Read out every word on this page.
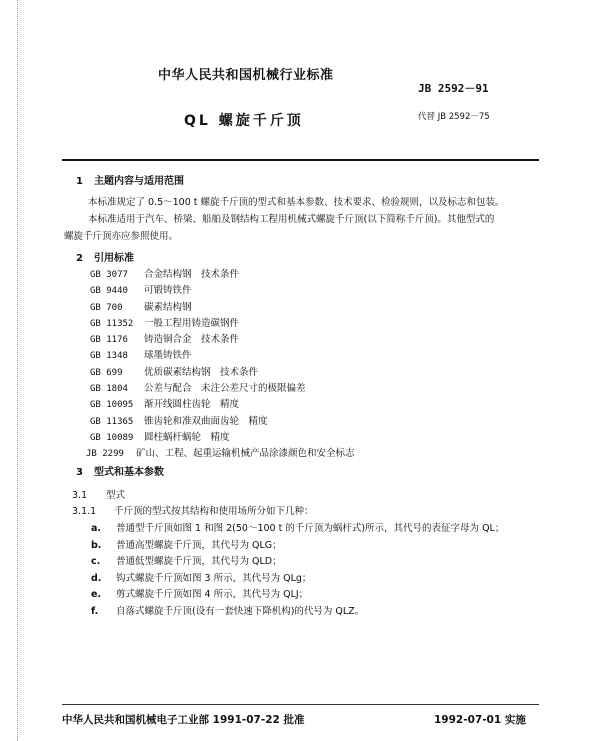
中华人民共和国机械行业标准
JB 2592－91
QL 螺旋千斤顶	代替 JB 2592－75
1 主题内容与适用范围
本标准规定了 0.5～100 t 螺旋千斤顶的型式和基本参数、技术要求、检验规则，以及标志和包装。
本标准适用于汽车、桥梁、船舶及钢结构工程用机械式螺旋千斤顶(以下简称千斤顶)。其他型式的
螺旋千斤顶亦应参照使用。
2 引用标准
GB 3077 合金结构钢　技术条件
GB 9440 可锻铸铁件
GB 700 碳素结构钢
GB 11352 一般工程用铸造碳钢件
GB 1176 铸造铜合金　技术条件
GB 1348 球墨铸铁件
GB 699 优质碳素结构钢　技术条件
GB 1804 公差与配合　未注公差尺寸的极限偏差
GB 10095 渐开线圆柱齿轮　精度
GB 11365 锥齿轮和准双曲面齿轮　精度
GB 10089 圆柱蜗杆蜗轮　精度
JB 2299 矿山、工程、起重运输机械产品涂漆颜色和安全标志
3 型式和基本参数
3.1 型式
3.1.1 千斤顶的型式按其结构和使用场所分如下几种：
a. 普通型千斤顶如图 1 和图 2(50～100 t 的千斤顶为蜗杆式)所示，其代号的表征字母为 QL；
b. 普通高型螺旋千斤顶，其代号为 QLG；
c. 普通低型螺旋千斤顶，其代号为 QLD；
d. 钩式螺旋千斤顶如图 3 所示，其代号为 QLg；
e. 剪式螺旋千斤顶如图 4 所示，其代号为 QLJ；
f. 自落式螺旋千斤顶(设有一套快速下降机构)的代号为 QLZ。
中华人民共和国机械电子工业部 1991-07-22 批准	1992-07-01 实施
